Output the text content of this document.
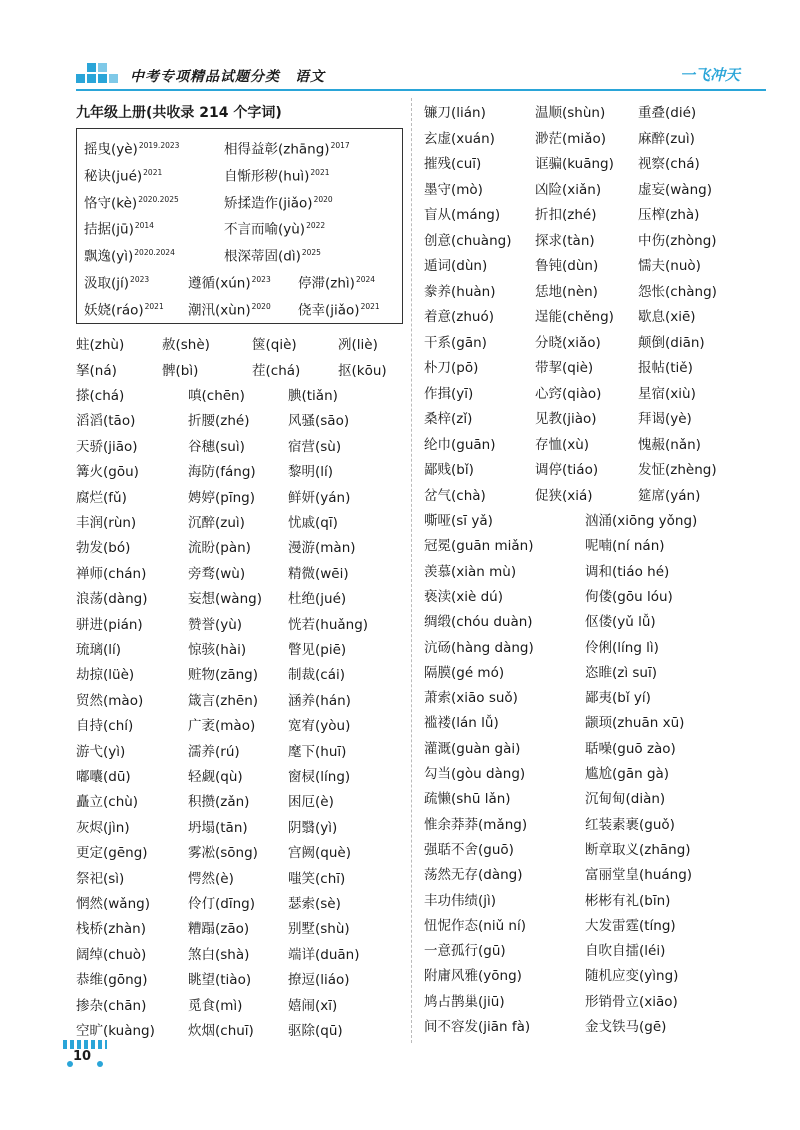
中考专项精品试题分类　语文	一飞冲天
九年级上册(共收录 214 个字词)
摇曳(yè)$^{2019.2023}$	相得益彰(zhāng)$^{2017}$
秘诀(jué)$^{2021}$	自惭形秽(huì)$^{2021}$
恪守(kè)$^{2020.2025}$	矫揉造作(jiǎo)$^{2020}$
拮据(jū)$^{2014}$	不言而喻(yù)$^{2022}$
飘逸(yì)$^{2020.2024}$	根深蒂固(dì)$^{2025}$
汲取(jí)$^{2023}$	遵循(xún)$^{2023}$ 停滞(zhì)$^{2024}$
妖娆(ráo)$^{2021}$ 潮汛(xùn)$^{2020}$ 侥幸(jiǎo)$^{2021}$
蛀(zhù)	赦(shè)	箧(qiè)	冽(liè)
拏(ná)	髀(bì)	茬(chá)	抠(kōu)
搽(chá)	嗔(chēn)	腆(tiǎn)
滔滔(tāo)	折腰(zhé)	风骚(sāo)
天骄(jiāo)	谷穗(suì)	宿营(sù)
篝火(gōu)	海防(fáng) 黎明(lí)
腐烂(fǔ)	娉婷(pīng) 鲜妍(yán)
丰润(rùn)	沉醉(zuì)	忧戚(qī)
勃发(bó)	流盼(pàn)	漫游(màn)
禅师(chán)	旁骛(wù)	精微(wēi)
浪荡(dàng)	妄想(wàng) 杜绝(jué)
骈进(pián)	赞誉(yù)	恍若(huǎng)
琉璃(lí)	惊骇(hài)	瞥见(piē)
劫掠(lüè)	赃物(zāng) 制裁(cái)
贸然(mào)	箴言(zhēn) 涵养(hán)
自持(chí)	广袤(mào) 宽宥(yòu)
游弋(yì)	濡养(rú)	麾下(huī)
嘟囔(dū)	轻觑(qù)	窗棂(líng)
矗立(chù)	积攒(zǎn)	困厄(è)
灰烬(jìn)	坍塌(tān)	阴翳(yì)
更定(gēng)	雾凇(sōng) 宫阙(què)
祭祀(sì)	愕然(è)	嗤笑(chī)
惘然(wǎng)	伶仃(dīng) 瑟索(sè)
栈桥(zhàn)	糟蹋(zāo)	别墅(shù)
阔绰(chuò)	煞白(shà)	端详(duān)
恭维(gōng)	眺望(tiào)	撩逗(liáo)
掺杂(chān)	觅食(mì)	嬉闹(xī)
空旷(kuàng) 炊烟(chuī)	驱除(qū)
镰刀(lián)	温顺(shùn) 重叠(dié)
玄虚(xuán)	渺茫(miǎo) 麻醉(zuì)
摧残(cuī)	诓骗(kuāng) 视察(chá)
墨守(mò)	凶险(xiǎn)	虚妄(wàng)
盲从(máng)	折扣(zhé)	压榨(zhà)
创意(chuàng) 探求(tàn)	中伤(zhòng)
遁词(dùn)	鲁钝(dùn)	懦夫(nuò)
豢养(huàn)	恁地(nèn)	怨怅(chàng)
着意(zhuó)	逞能(chěng) 歇息(xiē)
干系(gān)	分晓(xiǎo)	颠倒(diān)
朴刀(pō)	带挈(qiè)	报帖(tiě)
作揖(yī)	心窍(qiào)	星宿(xiù)
桑梓(zǐ)	见教(jiào)	拜谒(yè)
纶巾(guān)	存恤(xù)	愧赧(nǎn)
鄙贱(bǐ)	调停(tiáo)	发怔(zhèng)
岔气(chà)	促狭(xiá)	筵席(yán)
嘶哑(sī yǎ)	汹涌(xiōng yǒng)
冠冕(guān miǎn)	呢喃(ní nán)
羡慕(xiàn mù)	调和(tiáo hé)
亵渎(xiè dú)	佝偻(gōu lóu)
绸缎(chóu duàn)	伛偻(yǔ lǚ)
沆砀(hàng dàng)	伶俐(líng lì)
隔膜(gé mó)	恣睢(zì suī)
萧索(xiāo suǒ)	鄙夷(bǐ yí)
褴褛(lán lǚ)	颛顼(zhuān xū)
灌溉(guàn gài)	聒噪(guō zào)
勾当(gòu dàng)	尴尬(gān gà)
疏懒(shū lǎn)	沉甸甸(diàn)
惟余莽莽(mǎng)	红装素裹(guǒ)
强聒不舍(guō)	断章取义(zhāng)
荡然无存(dàng)	富丽堂皇(huáng)
丰功伟绩(jì)	彬彬有礼(bīn)
忸怩作态(niǔ ní)	大发雷霆(tíng)
一意孤行(gū)	自吹自擂(léi)
附庸风雅(yōng)	随机应变(yìng)
鸠占鹊巢(jiū)	形销骨立(xiāo)
间不容发(jiān fà)	金戈铁马(gē)
10
